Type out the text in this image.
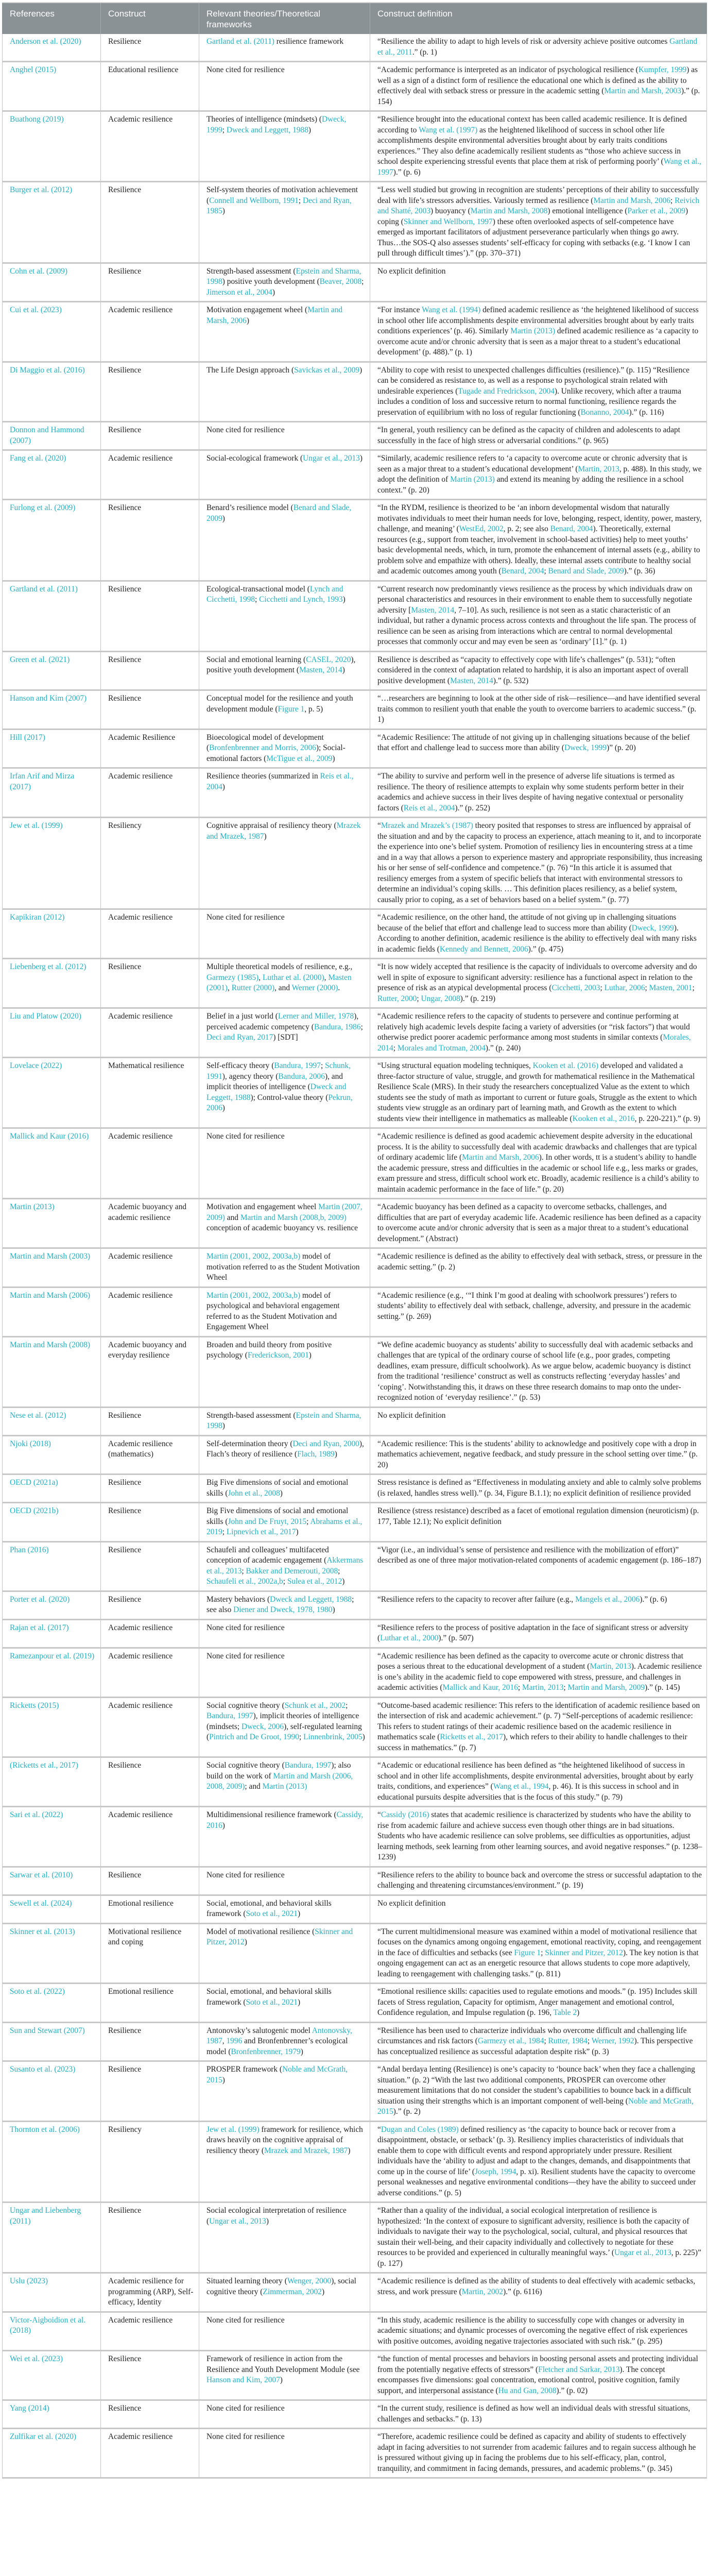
References	Construct	Relevant theories/Theoretical frameworks	Construct definition
Anderson et al. (2020)	Resilience	Gartland et al. (2011) resilience framework	“Resilience the ability to adapt to high levels of risk or adversity achieve positive outcomes Gartland et al., 2011.” (p. 1)
Anghel (2015)	Educational resilience	None cited for resilience	“Academic performance is interpreted as an indicator of psychological resilience (Kumpfer, 1999) as well as a sign of a distinct form of resilience the educational one which is defined as the ability to effectively deal with setback stress or pressure in the academic setting (Martin and Marsh, 2003).” (p. 154)
Buathong (2019)	Academic resilience	Theories of intelligence (mindsets) (Dweck, 1999; Dweck and Leggett, 1988)	“Resilience brought into the educational context has been called academic resilience. It is defined according to Wang et al. (1997) as the heightened likelihood of success in school other life accomplishments despite environmental adversities brought about by early traits conditions experiences.” They also define academically resilient students as “those who achieve success in school despite experiencing stressful events that place them at risk of performing poorly’ (Wang et al., 1997).” (p. 6)
Burger et al. (2012)	Resilience	Self-system theories of motivation achievement (Connell and Wellborn, 1991; Deci and Ryan, 1985)	“Less well studied but growing in recognition are students’ perceptions of their ability to successfully deal with life’s stressors adversities. Variously termed as resilience (Martin and Marsh, 2006; Reivich and Shatté, 2003) buoyancy (Martin and Marsh, 2008) emotional intelligence (Parker et al., 2009) coping (Skinner and Wellborn, 1997) these often overlooked aspects of self-competence have emerged as important facilitators of adjustment perseverance particularly when things go awry. Thus…the SOS-Q also assesses students’ self-efficacy for coping with setbacks (e.g. ‘I know I can pull through difficult times’).” (pp. 370–371)
Cohn et al. (2009)	Resilience	Strength-based assessment (Epstein and Sharma, 1998) positive youth development (Beaver, 2008; Jimerson et al., 2004)	No explicit definition
Cui et al. (2023)	Academic resilience	Motivation engagement wheel (Martin and Marsh, 2006)	“For instance Wang et al. (1994) defined academic resilience as ‘the heightened likelihood of success in school other life accomplishments despite environmental adversities brought about by early traits conditions experiences’ (p. 46). Similarly Martin (2013) defined academic resilience as ‘a capacity to overcome acute and/or chronic adversity that is seen as a major threat to a student’s educational development’ (p. 488).” (p. 1)
Di Maggio et al. (2016)	Resilience	The Life Design approach (Savickas et al., 2009)	“Ability to cope with resist to unexpected challenges difficulties (resilience).” (p. 115) “Resilience can be considered as resistance to, as well as a response to psychological strain related with undesirable experiences (Tugade and Fredrickson, 2004). Unlike recovery, which after a trauma includes a condition of loss and successive return to normal functioning, resilience regards the preservation of equilibrium with no loss of regular functioning (Bonanno, 2004).” (p. 116)
Donnon and Hammond (2007)	Resilience	None cited for resilience	“In general, youth resiliency can be defined as the capacity of children and adolescents to adapt successfully in the face of high stress or adversarial conditions.” (p. 965)
Fang et al. (2020)	Academic resilience	Social-ecological framework (Ungar et al., 2013)	“Similarly, academic resilience refers to ‘a capacity to overcome acute or chronic adversity that is seen as a major threat to a student’s educational development’ (Martin, 2013, p. 488). In this study, we adopt the definition of Martin (2013) and extend its meaning by adding the resilience in a school context.” (p. 20)
Furlong et al. (2009)	Resilience	Benard’s resilience model (Benard and Slade, 2009)	“In the RYDM, resilience is theorized to be ‘an inborn developmental wisdom that naturally motivates individuals to meet their human needs for love, belonging, respect, identity, power, mastery, challenge, and meaning’ (WestEd, 2002, p. 2; see also Benard, 2004). Theoretically, external resources (e.g., support from teacher, involvement in school-based activities) help to meet youths’ basic developmental needs, which, in turn, promote the enhancement of internal assets (e.g., ability to problem solve and empathize with others). Ideally, these internal assets contribute to healthy social and academic outcomes among youth (Benard, 2004; Benard and Slade, 2009).” (p. 36)
Gartland et al. (2011)	Resilience	Ecological-transactional model (Lynch and Cicchetti, 1998; Cicchetti and Lynch, 1993)	“Current research now predominantly views resilience as the process by which individuals draw on personal characteristics and resources in their environment to enable them to successfully negotiate adversity [Masten, 2014, 7–10]. As such, resilience is not seen as a static characteristic of an individual, but rather a dynamic process across contexts and throughout the life span. The process of resilience can be seen as arising from interactions which are central to normal developmental processes that commonly occur and may even be seen as ‘ordinary’ [1].” (p. 1)
Green et al. (2021)	Resilience	Social and emotional learning (CASEL, 2020), positive youth development (Masten, 2014)	Resilience is described as “capacity to effectively cope with life’s challenges” (p. 531); “often considered in the context of adaptation related to hardship, it is also an important aspect of overall positive development (Masten, 2014).” (p. 532)
Hanson and Kim (2007)	Resilience	Conceptual model for the resilience and youth development module (Figure 1, p. 5)	“…researchers are beginning to look at the other side of risk—resilience—and have identified several traits common to resilient youth that enable the youth to overcome barriers to academic success.” (p. 1)
Hill (2017)	Academic Resilience	Bioecological model of development (Bronfenbrenner and Morris, 2006); Social-emotional factors (McTigue et al., 2009)	“Academic Resilience: The attitude of not giving up in challenging situations because of the belief that effort and challenge lead to success more than ability (Dweck, 1999)” (p. 20)
Irfan Arif and Mirza (2017)	Academic resilience	Resilience theories (summarized in Reis et al., 2004)	“The ability to survive and perform well in the presence of adverse life situations is termed as resilience. The theory of resilience attempts to explain why some students perform better in their academics and achieve success in their lives despite of having negative contextual or personality factors (Reis et al., 2004).” (p. 252)
Jew et al. (1999)	Resiliency	Cognitive appraisal of resiliency theory (Mrazek and Mrazek, 1987)	“Mrazek and Mrazek’s (1987) theory posited that responses to stress are influenced by appraisal of the situation and and by the capacity to process an experience, attach meaning to it, and to incorporate the experience into one’s belief system. Promotion of resiliency lies in encountering stress at a time and in a way that allows a person to experience mastery and appropriate responsibility, thus increasing his or her sense of self-confidence and competence.” (p. 76) “In this article it is assumed that resiliency emerges from a system of specific beliefs that interact with environmental stressors to determine an individual’s coping skills. … This definition places resiliency, as a belief system, causally prior to coping, as a set of behaviors based on a belief system.” (p. 77)
Kapikiran (2012)	Academic resilience	None cited for resilience	“Academic resilience, on the other hand, the attitude of not giving up in challenging situations because of the belief that effort and challenge lead to success more than ability (Dweck, 1999). According to another definition, academic resilience is the ability to effectively deal with many risks in academic fields (Kennedy and Bennett, 2006).” (p. 475)
Liebenberg et al. (2012)	Resilience	Multiple theoretical models of resilience, e.g., Garmezy (1985), Luthar et al. (2000), Masten (2001), Rutter (2000), and Werner (2000).	“It is now widely accepted that resilience is the capacity of individuals to overcome adversity and do well in spite of exposure to significant adversity: resilience has a functional aspect in relation to the presence of risk as an atypical developmental process (Cicchetti, 2003; Luthar, 2006; Masten, 2001; Rutter, 2000; Ungar, 2008).” (p. 219)
Liu and Platow (2020)	Academic resilience	Belief in a just world (Lerner and Miller, 1978), perceived academic competency (Bandura, 1986; Deci and Ryan, 2017) [SDT]	“Academic resilience refers to the capacity of students to persevere and continue performing at relatively high academic levels despite facing a variety of adversities (or “risk factors”) that would otherwise predict poorer academic performance among most students in similar contexts (Morales, 2014; Morales and Trotman, 2004).” (p. 240)
Lovelace (2022)	Mathematical resilience	Self-efficacy theory (Bandura, 1997; Schunk, 1991), agency theory (Bandura, 2006), and implicit theories of intelligence (Dweck and Leggett, 1988); Control-value theory (Pekrun, 2006)	“Using structural equation modeling techniques, Kooken et al. (2016) developed and validated a three-factor structure of value, struggle, and growth for mathematical resilience in the Mathematical Resilience Scale (MRS). In their study the researchers conceptualized Value as the extent to which students see the study of math as important to current or future goals, Struggle as the extent to which students view struggle as an ordinary part of learning math, and Growth as the extent to which students view their intelligence in mathematics as malleable (Kooken et al., 2016, p. 220-221).” (p. 9)
Mallick and Kaur (2016)	Academic resilience	None cited for resilience	“Academic resilience is defined as good academic achievement despite adversity in the educational process. It is the ability to successfully deal with academic drawbacks and challenges that are typical of ordinary academic life (Martin and Marsh, 2006). In other words, tt is a student’s ability to handle the academic pressure, stress and difficulties in the academic or school life e.g., less marks or grades, exam pressure and stress, difficult school work etc. Broadly, academic resilience is a child’s ability to maintain academic performance in the face of life.” (p. 20)
Martin (2013)	Academic buoyancy and academic resilience	Motivation and engagement wheel Martin (2007, 2009) and Martin and Marsh (2008,b, 2009) conception of academic buoyancy vs. resilience	“Academic buoyancy has been defined as a capacity to overcome setbacks, challenges, and difficulties that are part of everyday academic life. Academic resilience has been defined as a capacity to overcome acute and/or chronic adversity that is seen as a major threat to a student’s educational development.” (Abstract)
Martin and Marsh (2003)	Academic resilience	Martin (2001, 2002, 2003a,b) model of motivation referred to as the Student Motivation Wheel	“Academic resilience is defined as the ability to effectively deal with setback, stress, or pressure in the academic setting.” (p. 2)
Martin and Marsh (2006)	Academic resilience	Martin (2001, 2002, 2003a,b) model of psychological and behavioral engagement referred to as the Student Motivation and Engagement Wheel	“Academic resilience (e.g., ‘“I think I’m good at dealing with schoolwork pressures’) refers to students’ ability to effectively deal with setback, challenge, adversity, and pressure in the academic setting.” (p. 269)
Martin and Marsh (2008)	Academic buoyancy and everyday resilience	Broaden and build theory from positive psychology (Frederickson, 2001)	“We define academic buoyancy as students’ ability to successfully deal with academic setbacks and challenges that are typical of the ordinary course of school life (e.g., poor grades, competing deadlines, exam pressure, difficult schoolwork). As we argue below, academic buoyancy is distinct from the traditional ‘resilience’ construct as well as constructs reflecting ‘everyday hassles’ and ‘coping’. Notwithstanding this, it draws on these three research domains to map onto the under-recognized notion of ‘everyday resilience’.” (p. 53)
Nese et al. (2012)	Resilience	Strength-based assessment (Epstein and Sharma, 1998)	No explicit definition
Njoki (2018)	Academic resilience (mathematics)	Self-determination theory (Deci and Ryan, 2000), Flach’s theory of resilience (Flach, 1989)	“Academic resilience: This is the students’ ability to acknowledge and positively cope with a drop in mathematics achievement, negative feedback, and study pressure in the school setting over time.” (p. 20)
OECD (2021a)	Resilience	Big Five dimensions of social and emotional skills (John et al., 2008)	Stress resistance is defined as “Effectiveness in modulating anxiety and able to calmly solve problems (is relaxed, handles stress well).” (p. 34, Figure B.1.1); no explicit definition of resilience provided
OECD (2021b)	Resilience	Big Five dimensions of social and emotional skills (John and De Fruyt, 2015; Abrahams et al., 2019; Lipnevich et al., 2017)	Resilience (stress resistance) described as a facet of emotional regulation dimension (neuroticism) (p. 177, Table 12.1); No explicit definition
Phan (2016)	Resilience	Schaufeli and colleagues’ multifaceted conception of academic engagement (Akkermans et al., 2013; Bakker and Demerouti, 2008; Schaufeli et al., 2002a,b; Sulea et al., 2012)	“Vigor (i.e., an individual’s sense of persistence and resilience with the mobilization of effort)” described as one of three major motivation-related components of academic engagement (p. 186–187)
Porter et al. (2020)	Resilience	Mastery behaviors (Dweck and Leggett, 1988; see also Diener and Dweck, 1978, 1980)	“Resilience refers to the capacity to recover after failure (e.g., Mangels et al., 2006).” (p. 6)
Rajan et al. (2017)	Academic resilience	None cited for resilience	“Resilience refers to the process of positive adaptation in the face of significant stress or adversity (Luthar et al., 2000).” (p. 507)
Ramezanpour et al. (2019)	Academic resilience	None cited for resilience	“Academic resilience has been defined as the capacity to overcome acute or chronic distress that poses a serious threat to the educational development of a student (Martin, 2013). Academic resilience is one’s ability in the academic field to cope empowered with stress, pressure, and challenges in academic activities (Mallick and Kaur, 2016; Martin, 2013; Martin and Marsh, 2009).” (p. 145)
Ricketts (2015)	Academic resilience	Social cognitive theory (Schunk et al., 2002; Bandura, 1997), implicit theories of intelligence (mindsets; Dweck, 2006), self-regulated learning (Pintrich and De Groot, 1990; Linnenbrink, 2005)	“Outcome-based academic resilience: This refers to the identification of academic resilience based on the intersection of risk and academic achievement.” (p. 7) “Self-perceptions of academic resilience: This refers to student ratings of their academic resilience based on the academic resilience in mathematics scale (Ricketts et al., 2017), which refers to their ability to handle challenges to their success in mathematics.” (p. 7)
(Ricketts et al., 2017)	Resilience	Social cognitive theory (Bandura, 1997); also build on the work of Martin and Marsh (2006, 2008, 2009); and Martin (2013)	“Academic or educational resilience has been defined as “the heightened likelihood of success in school and in other life accomplishments, despite environmental adversities, brought about by early traits, conditions, and experiences” (Wang et al., 1994, p. 46). It is this success in school and in educational pursuits despite adversities that is the focus of this study.” (p. 79)
Sari et al. (2022)	Academic resilience	Multidimensional resilience framework (Cassidy, 2016)	“Cassidy (2016) states that academic resilience is characterized by students who have the ability to rise from academic failure and achieve success even though other things are in bad situations. Students who have academic resilience can solve problems, see difficulties as opportunities, adjust learning methods, seek learning from other learning sources, and avoid negative responses.” (p. 1238–1239)
Sarwar et al. (2010)	Resilience	None cited for resilience	“Resilience refers to the ability to bounce back and overcome the stress or successful adaptation to the challenging and threatening circumstances/environment.” (p. 19)
Sewell et al. (2024)	Emotional resilience	Social, emotional, and behavioral skills framework (Soto et al., 2021)	No explicit definition
Skinner et al. (2013)	Motivational resilience and coping	Model of motivational resilience (Skinner and Pitzer, 2012)	“The current multidimensional measure was examined within a model of motivational resilience that focuses on the dynamics among ongoing engagement, emotional reactivity, coping, and reengagement in the face of difficulties and setbacks (see Figure 1; Skinner and Pitzer, 2012). The key notion is that ongoing engagement can act as an energetic resource that allows students to cope more adaptively, leading to reengagement with challenging tasks.” (p. 811)
Soto et al. (2022)	Emotional resilience	Social, emotional, and behavioral skills framework (Soto et al., 2021)	“Emotional resilience skills: capacities used to regulate emotions and moods.” (p. 195) Includes skill facets of Stress regulation, Capacity for optimism, Anger management and emotional control, Confidence regulation, and Impulse regulation (p. 196, Table 2)
Sun and Stewart (2007)	Resilience	Antonovsky’s salutogenic model Antonovsky, 1987, 1996 and Bronfenbrenner’s ecological model (Bronfenbrenner, 1979)	“Resilience has been used to characterize individuals who overcome difficult and challenging life circumstances and risk factors (Garmezy et al., 1984; Rutter, 1984; Werner, 1992). This perspective has conceptualized resilience as successful adaptation despite risk” (p. 3)
Susanto et al. (2023)	Resilience	PROSPER framework (Noble and McGrath, 2015)	“Andal berdaya lenting (Resilience) is one’s capacity to ‘bounce back’ when they face a challenging situation.” (p. 2) “With the last two additional components, PROSPER can overcome other measurement limitations that do not consider the student’s capabilities to bounce back in a difficult situation using their strengths which is an important component of well-being (Noble and McGrath, 2015).” (p. 2)
Thornton et al. (2006)	Resiliency	Jew et al. (1999) framework for resilience, which draws heavily on the cognitive appraisal of resiliency theory (Mrazek and Mrazek, 1987)	“Dugan and Coles (1989) defined resiliency as ‘the capacity to bounce back or recover from a disappointment, obstacle, or setback’ (p. 3). Resiliency implies characteristics of individuals that enable them to cope with difficult events and respond appropriately under pressure. Resilient individuals have the ‘ability to adjust and adapt to the changes, demands, and disappointments that come up in the course of life’ (Joseph, 1994, p. xi). Resilient students have the capacity to overcome personal weaknesses and negative environmental conditions—they have the ability to succeed under adverse conditions.” (p. 5)
Ungar and Liebenberg (2011)	Resilience	Social ecological interpretation of resilience (Ungar et al., 2013)	“Rather than a quality of the individual, a social ecological interpretation of resilience is hypothesized: ‘In the context of exposure to significant adversity, resilience is both the capacity of individuals to navigate their way to the psychological, social, cultural, and physical resources that sustain their well-being, and their capacity individually and collectively to negotiate for these resources to be provided and experienced in culturally meaningful ways.’ (Ungar et al., 2013, p. 225)” (p. 127)
Uslu (2023)	Academic resilience for programming (ARP), Self-efficacy, Identity	Situated learning theory (Wenger, 2000), social cognitive theory (Zimmerman, 2002)	“Academic resilience is defined as the ability of students to deal effectively with academic setbacks, stress, and work pressure (Martin, 2002).” (p. 6116)
Victor-Aigboidion et al. (2018)	Academic resilience	None cited for resilience	“In this study, academic resilience is the ability to successfully cope with changes or adversity in academic situations; and dynamic processes of overcoming the negative effect of risk experiences with positive outcomes, avoiding negative trajectories associated with such risk.” (p. 295)
Wei et al. (2023)	Resilience	Framework of resilience in action from the Resilience and Youth Development Module (see Hanson and Kim, 2007)	“the function of mental processes and behaviors in boosting personal assets and protecting individual from the potentially negative effects of stressors” (Fletcher and Sarkar, 2013). The concept encompasses five dimensions: goal concentration, emotional control, positive cognition, family support, and interpersonal assistance (Hu and Gan, 2008).” (p. 02)
Yang (2014)	Resilience	None cited for resilience	“In the current study, resilience is defined as how well an individual deals with stressful situations, challenges and setbacks.” (p. 13)
Zulfikar et al. (2020)	Academic resilience	None cited for resilience	“Therefore, academic resilience could be defined as capacity and ability of students to effectively adapt in facing adversities to not surrender from academic failures and to regain success although he is pressured without giving up in facing the problems due to his self-efficacy, plan, control, tranquility, and commitment in facing demands, pressures, and academic problems.” (p. 345)
